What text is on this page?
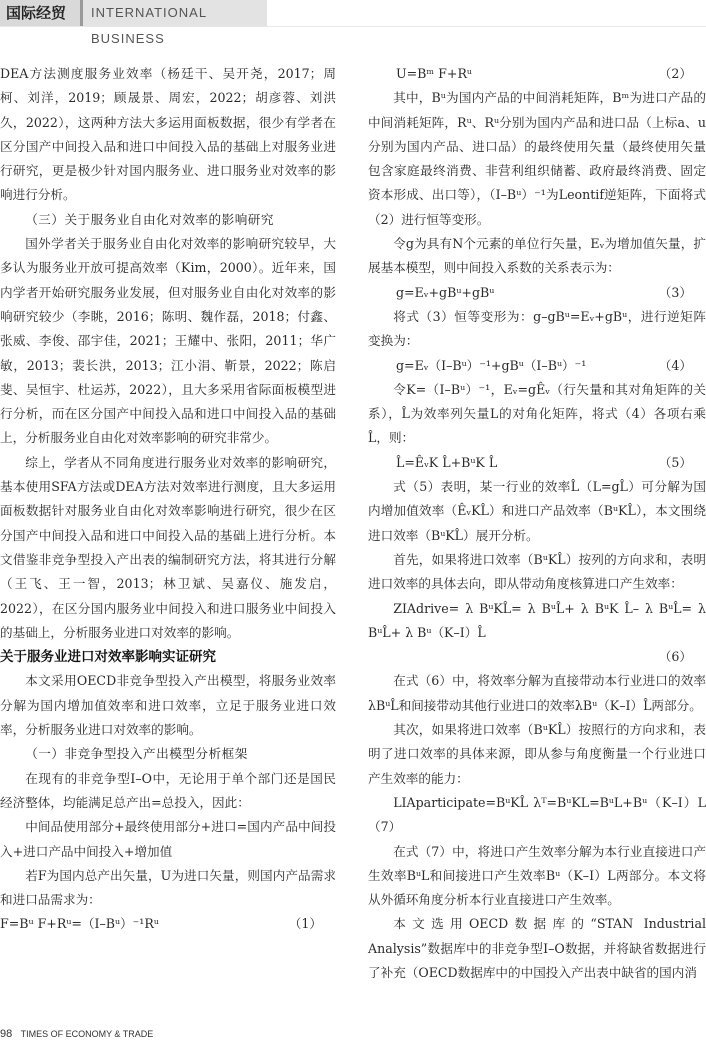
国际经贸	INTERNATIONAL BUSINESS

DEA方法测度服务业效率（杨廷干、吴开尧，2017；周柯、刘洋，2019；顾晟景、周宏，2022；胡彦蓉、刘洪久，2022），这两种方法大多运用面板数据，很少有学者在区分国产中间投入品和进口中间投入品的基础上对服务业进行研究，更是极少针对国内服务业、进口服务业对效率的影响进行分析。

（三）关于服务业自由化对效率的影响研究

国外学者关于服务业自由化对效率的影响研究较早，大多认为服务业开放可提高效率（Kim，2000）。近年来，国内学者开始研究服务业发展，但对服务业自由化对效率的影响研究较少（李眺，2016；陈明、魏作磊，2018；付鑫、张威、李俊、邵宇佳，2021；王耀中、张阳，2011；华广敏，2013；裴长洪，2013；江小涓、靳景，2022；陈启斐、吴恒宇、杜运苏，2022），且大多采用省际面板模型进行分析，而在区分国产中间投入品和进口中间投入品的基础上，分析服务业自由化对效率影响的研究非常少。

综上，学者从不同角度进行服务业对效率的影响研究，基本使用SFA方法或DEA方法对效率进行测度，且大多运用面板数据针对服务业自由化对效率影响进行研究，很少在区分国产中间投入品和进口中间投入品的基础上进行分析。本文借鉴非竞争型投入产出表的编制研究方法，将其进行分解（王飞、王一智，2013；林卫斌、吴嘉仪、施发启，2022），在区分国内服务业中间投入和进口服务业中间投入的基础上，分析服务业进口对效率的影响。

关于服务业进口对效率影响实证研究

本文采用OECD非竞争型投入产出模型，将服务业效率分解为国内增加值效率和进口效率，立足于服务业进口效率，分析服务业进口对效率的影响。

（一）非竞争型投入产出模型分析框架

在现有的非竞争型I–O中，无论用于单个部门还是国民经济整体，均能满足总产出=总投入，因此：

中间品使用部分+最终使用部分+进口=国内产品中间投入+进口产品中间投入+增加值

若F为国内总产出矢量，U为进口矢量，则国内产品需求和进口品需求为：

F=Bᵘ F+Rᵘ=（I–Bᵘ）⁻¹Rᵘ	（1）
U=Bᵐ F+Rᵘ	（2）

其中，Bᵘ为国内产品的中间消耗矩阵，Bᵐ为进口产品的中间消耗矩阵，Rᵘ、Rᵘ分别为国内产品和进口品（上标a、u分别为国内产品、进口品）的最终使用矢量（最终使用矢量包含家庭最终消费、非营利组织储蓄、政府最终消费、固定资本形成、出口等），（I–Bᵘ）⁻¹为Leontif逆矩阵，下面将式（2）进行恒等变形。

令g为具有N个元素的单位行矢量，Eᵥ为增加值矢量，扩展基本模型，则中间投入系数的关系表示为：

g=Eᵥ+gBᵘ+gBᵘ	（3）

将式（3）恒等变形为：g–gBᵘ=Eᵥ+gBᵘ，进行逆矩阵变换为：

g=Eᵥ（I–Bᵘ）⁻¹+gBᵘ（I–Bᵘ）⁻¹	（4）

令K=（I–Bᵘ）⁻¹，Eᵥ=gÊᵥ（行矢量和其对角矩阵的关系），L̂为效率列矢量L的对角化矩阵，将式（4）各项右乘L̂，则：

L̂=ÊᵥK L̂+BᵘK L̂	（5）

式（5）表明，某一行业的效率L̂（L=gL̂）可分解为国内增加值效率（ÊᵥKL̂）和进口产品效率（BᵘKL̂），本文围绕进口效率（BᵘKL̂）展开分析。

首先，如果将进口效率（BᵘKL̂）按列的方向求和，表明进口效率的具体去向，即从带动角度核算进口产生效率：

ZIAdrive= λ BᵘKL̂= λ BᵘL̂+ λ BᵘK L̂– λ BᵘL̂= λ BᵘL̂+ λ Bᵘ（K–I）L̂

（6）

在式（6）中，将效率分解为直接带动本行业进口的效率λBᵘL̂和间接带动其他行业进口的效率λBᵘ（K–I）L̂两部分。

其次，如果将进口效率（BᵘKL̂）按照行的方向求和，表明了进口效率的具体来源，即从参与角度衡量一个行业进口产生效率的能力：

LIAparticipate=BᵘKL̂ λᵀ=BᵘKL=BᵘL+Bᵘ（K–I）L（7）

在式（7）中，将进口产生效率分解为本行业直接进口产生效率BᵘL和间接进口产生效率Bᵘ（K–I）L两部分。本文将从外循环角度分析本行业直接进口产生效率。

本文选用OECD数据库的“STAN Industrial Analysis”数据库中的非竞争型I–O数据，并将缺省数据进行了补充（OECD数据库中的中国投入产出表中缺省的国内消

98 TIMES OF ECONOMY & TRADE
